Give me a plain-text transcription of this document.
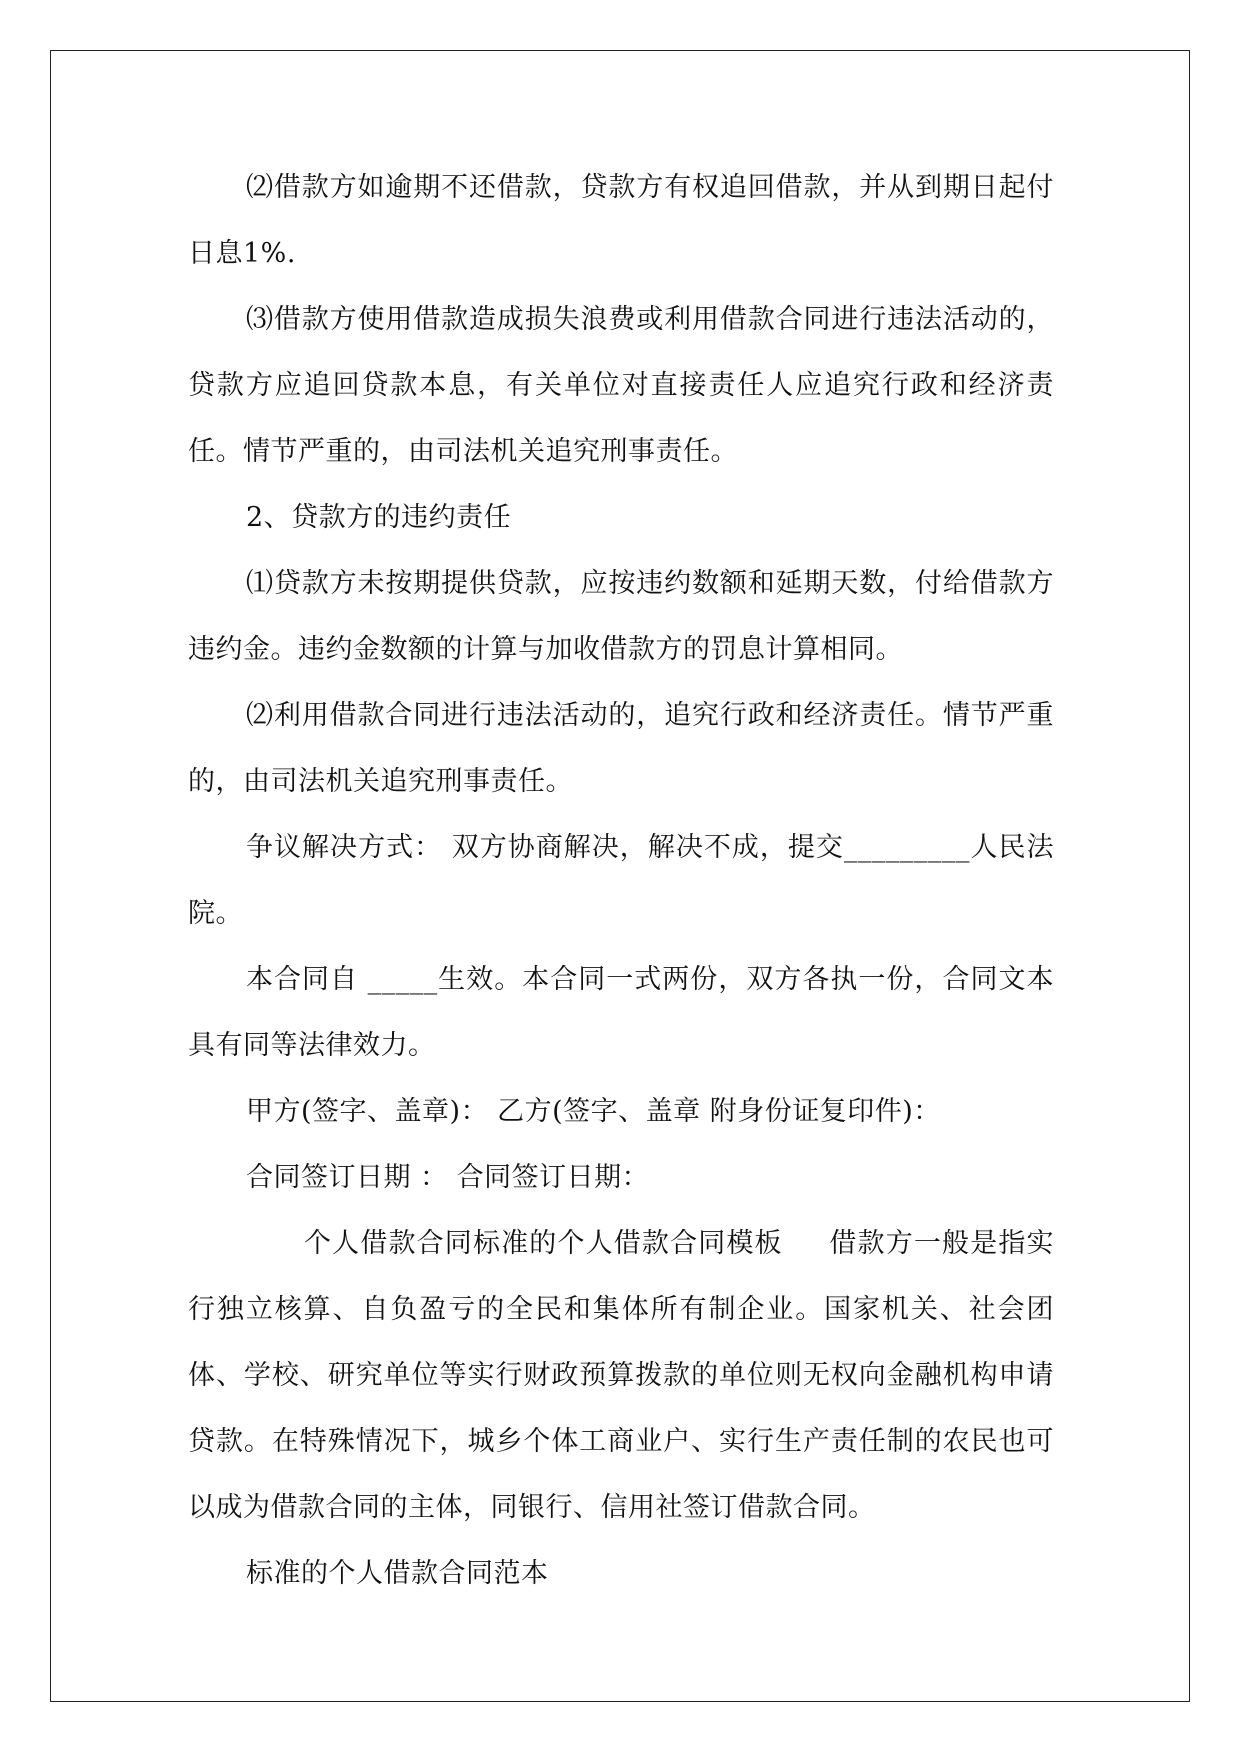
⑵借款方如逾期不还借款，贷款方有权追回借款，并从到期日起付日息1%.

⑶借款方使用借款造成损失浪费或利用借款合同进行违法活动的，贷款方应追回贷款本息，有关单位对直接责任人应追究行政和经济责任。情节严重的，由司法机关追究刑事责任。

2、贷款方的违约责任

⑴贷款方未按期提供贷款，应按违约数额和延期天数，付给借款方违约金。违约金数额的计算与加收借款方的罚息计算相同。

⑵利用借款合同进行违法活动的，追究行政和经济责任。情节严重的，由司法机关追究刑事责任。

争议解决方式： 双方协商解决，解决不成，提交_________人民法院。

本合同自 _____生效。本合同一式两份，双方各执一份，合同文本具有同等法律效力。

甲方(签字、盖章)： 乙方(签字、盖章 附身份证复印件)：

合同签订日期 ： 合同签订日期：

个人借款合同标准的个人借款合同模板 借款方一般是指实行独立核算、自负盈亏的全民和集体所有制企业。国家机关、社会团体、学校、研究单位等实行财政预算拨款的单位则无权向金融机构申请贷款。在特殊情况下，城乡个体工商业户、实行生产责任制的农民也可以成为借款合同的主体，同银行、信用社签订借款合同。

标准的个人借款合同范本
